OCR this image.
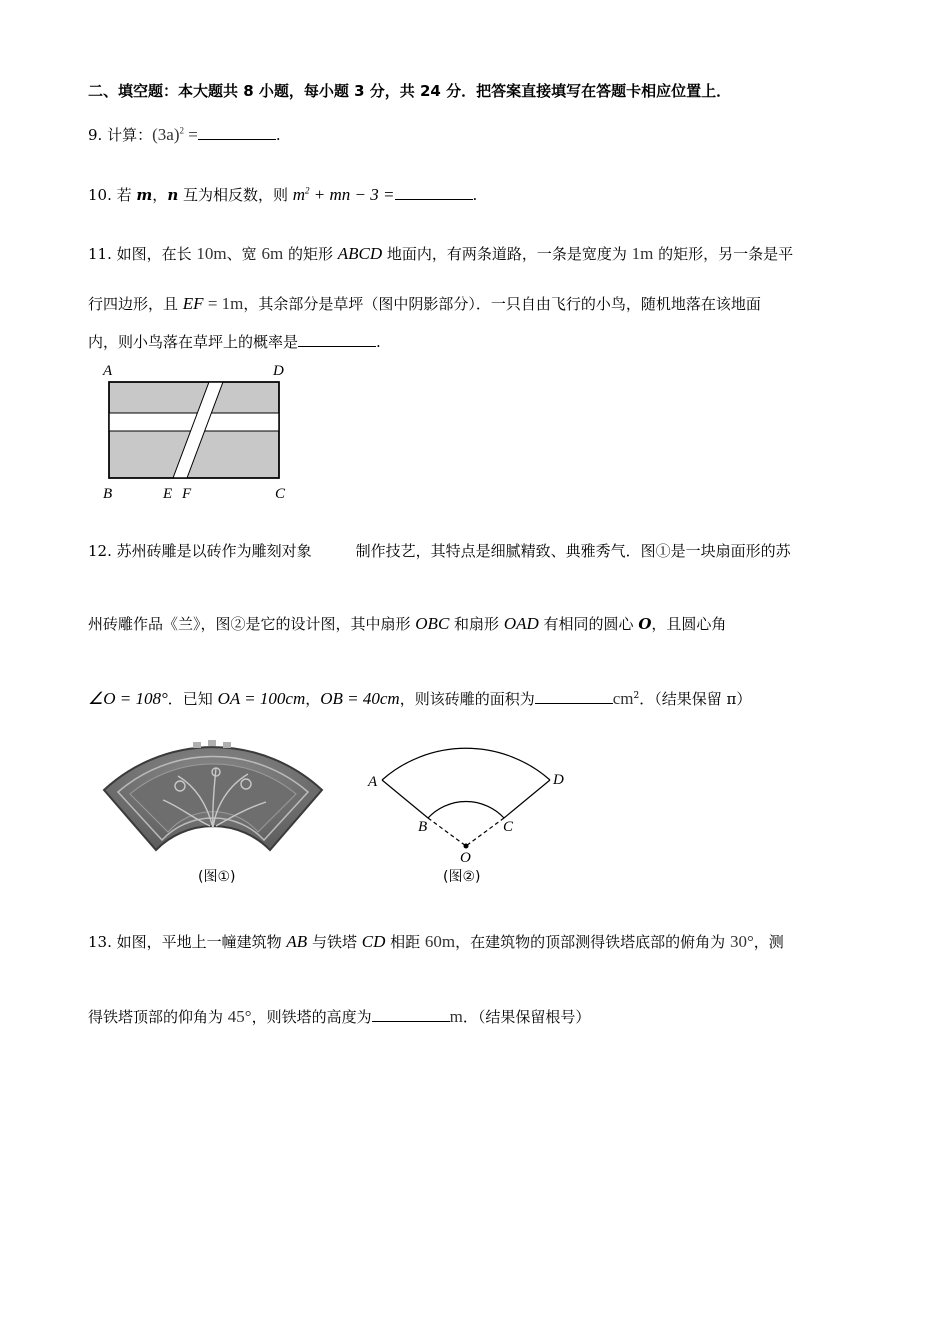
二、填空题：本大题共 8 小题，每小题 3 分，共 24 分．把答案直接填写在答题卡相应位置上．
9. 计算：$(3a)^2$ =	.
10. 若 m，n 互为相反数，则 $m^2$ + mn − 3 =	.
11. 如图，在长 10m、宽 6m 的矩形 ABCD 地面内，有两条道路，一条是宽度为 1m 的矩形，另一条是平
行四边形，且 EF = 1m，其余部分是草坪（图中阴影部分）．一只自由飞行的小鸟，随机地落在该地面
内，则小鸟落在草坪上的概率是	.
A	D
B	E F	C
12. 苏州砖雕是以砖作为雕刻对象	制作技艺，其特点是细腻精致、典雅秀气．图①是一块扇面形的苏
州砖雕作品《兰》，图②是它的设计图，其中扇形 OBC 和扇形 OAD 有相同的圆心 O，且圆心角
∠O = 108°．已知 OA = 100cm，OB = 40cm，则该砖雕的面积为	$cm^2$．（结果保留 π）
(图①)
A	D
B	C
O
(图②)
13. 如图，平地上一幢建筑物 AB 与铁塔 CD 相距 60m，在建筑物的顶部测得铁塔底部的俯角为 30°，测
得铁塔顶部的仰角为 45°，则铁塔的高度为	m．（结果保留根号）
